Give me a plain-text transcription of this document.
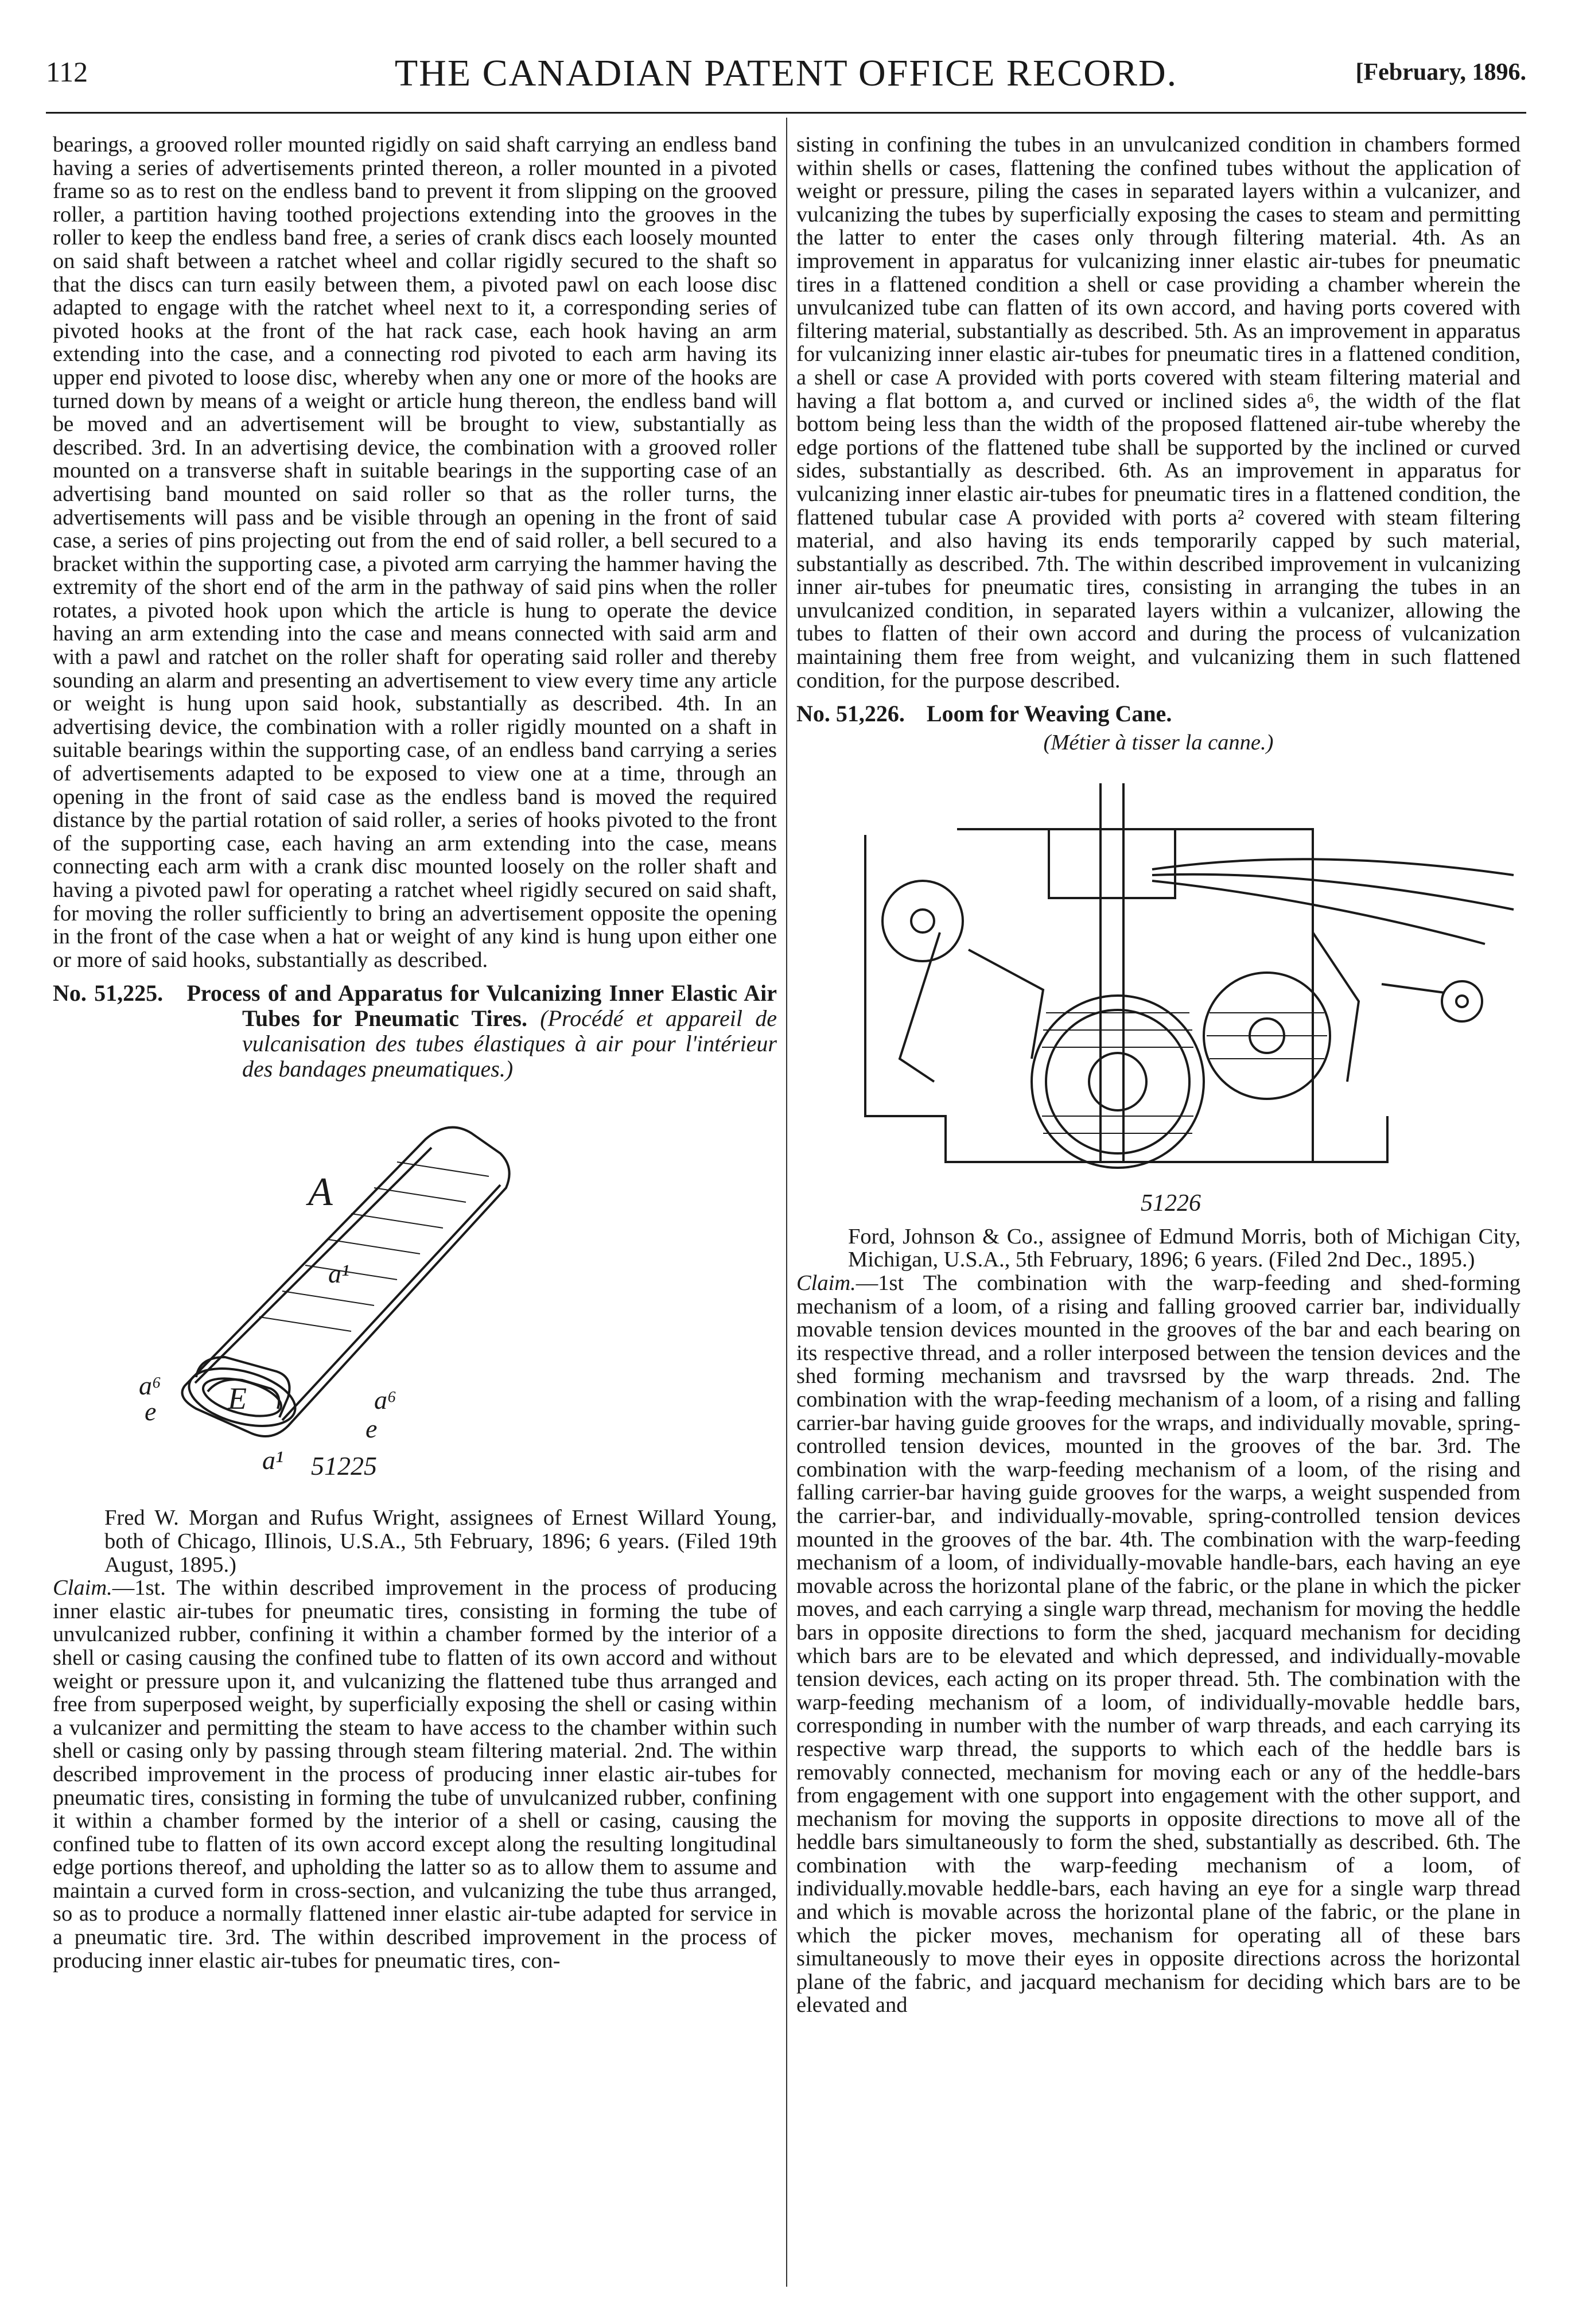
112	THE CANADIAN PATENT OFFICE RECORD.	[February, 1896.

bearings, a grooved roller mounted rigidly on said shaft carrying an endless band having a series of advertisements printed thereon, a roller mounted in a pivoted frame so as to rest on the endless band to prevent it from slipping on the grooved roller, a partition having toothed projections extending into the grooves in the roller to keep the endless band free, a series of crank discs each loosely mounted on said shaft between a ratchet wheel and collar rigidly secured to the shaft so that the discs can turn easily between them, a pivoted pawl on each loose disc adapted to engage with the ratchet wheel next to it, a corresponding series of pivoted hooks at the front of the hat rack case, each hook having an arm extending into the case, and a connecting rod pivoted to each arm having its upper end pivoted to loose disc, whereby when any one or more of the hooks are turned down by means of a weight or article hung thereon, the endless band will be moved and an advertisement will be brought to view, substantially as described. 3rd. In an advertising device, the combination with a grooved roller mounted on a transverse shaft in suitable bearings in the supporting case of an advertising band mounted on said roller so that as the roller turns, the advertisements will pass and be visible through an opening in the front of said case, a series of pins projecting out from the end of said roller, a bell secured to a bracket within the supporting case, a pivoted arm carrying the hammer having the extremity of the short end of the arm in the pathway of said pins when the roller rotates, a pivoted hook upon which the article is hung to operate the device having an arm extending into the case and means connected with said arm and with a pawl and ratchet on the roller shaft for operating said roller and thereby sounding an alarm and presenting an advertisement to view every time any article or weight is hung upon said hook, substantially as described. 4th. In an advertising device, the combination with a roller rigidly mounted on a shaft in suitable bearings within the supporting case, of an endless band carrying a series of advertisements adapted to be exposed to view one at a time, through an opening in the front of said case as the endless band is moved the required distance by the partial rotation of said roller, a series of hooks pivoted to the front of the supporting case, each having an arm extending into the case, means connecting each arm with a crank disc mounted loosely on the roller shaft and having a pivoted pawl for operating a ratchet wheel rigidly secured on said shaft, for moving the roller sufficiently to bring an advertisement opposite the opening in the front of the case when a hat or weight of any kind is hung upon either one or more of said hooks, substantially as described.

No. 51,225. Process of and Apparatus for Vulcanizing Inner Elastic Air Tubes for Pneumatic Tires. (Procédé et appareil de vulcanisation des tubes élastiques à air pour l'intérieur des bandages pneumatiques.)
A
a¹
a⁶ E	a⁶
e
e
a¹ 51225

Fred W. Morgan and Rufus Wright, assignees of Ernest Willard Young, both of Chicago, Illinois, U.S.A., 5th February, 1896; 6 years. (Filed 19th August, 1895.)

Claim.—1st. The within described improvement in the process of producing inner elastic air-tubes for pneumatic tires, consisting in forming the tube of unvulcanized rubber, confining it within a chamber formed by the interior of a shell or casing causing the confined tube to flatten of its own accord and without weight or pressure upon it, and vulcanizing the flattened tube thus arranged and free from superposed weight, by superficially exposing the shell or casing within a vulcanizer and permitting the steam to have access to the chamber within such shell or casing only by passing through steam filtering material. 2nd. The within described improvement in the process of producing inner elastic air-tubes for pneumatic tires, consisting in forming the tube of unvulcanized rubber, confining it within a chamber formed by the interior of a shell or casing, causing the confined tube to flatten of its own accord except along the resulting longitudinal edge portions thereof, and upholding the latter so as to allow them to assume and maintain a curved form in cross-section, and vulcanizing the tube thus arranged, so as to produce a normally flattened inner elastic air-tube adapted for service in a pneumatic tire. 3rd. The within described improvement in the process of producing inner elastic air-tubes for pneumatic tires, con-

sisting in confining the tubes in an unvulcanized condition in chambers formed within shells or cases, flattening the confined tubes without the application of weight or pressure, piling the cases in separated layers within a vulcanizer, and vulcanizing the tubes by superficially exposing the cases to steam and permitting the latter to enter the cases only through filtering material. 4th. As an improvement in apparatus for vulcanizing inner elastic air-tubes for pneumatic tires in a flattened condition a shell or case providing a chamber wherein the unvulcanized tube can flatten of its own accord, and having ports covered with filtering material, substantially as described. 5th. As an improvement in apparatus for vulcanizing inner elastic air-tubes for pneumatic tires in a flattened condition, a shell or case A provided with ports covered with steam filtering material and having a flat bottom a, and curved or inclined sides a⁶, the width of the flat bottom being less than the width of the proposed flattened air-tube whereby the edge portions of the flattened tube shall be supported by the inclined or curved sides, substantially as described. 6th. As an improvement in apparatus for vulcanizing inner elastic air-tubes for pneumatic tires in a flattened condition, the flattened tubular case A provided with ports a² covered with steam filtering material, and also having its ends temporarily capped by such material, substantially as described. 7th. The within described improvement in vulcanizing inner air-tubes for pneumatic tires, consisting in arranging the tubes in an unvulcanized condition, in separated layers within a vulcanizer, allowing the tubes to flatten of their own accord and during the process of vulcanization maintaining them free from weight, and vulcanizing them in such flattened condition, for the purpose described.

No. 51,226. Loom for Weaving Cane.

(Métier à tisser la canne.)

51226

Ford, Johnson & Co., assignee of Edmund Morris, both of Michigan City, Michigan, U.S.A., 5th February, 1896; 6 years. (Filed 2nd Dec., 1895.)

Claim.—1st The combination with the warp-feeding and shed-forming mechanism of a loom, of a rising and falling grooved carrier bar, individually movable tension devices mounted in the grooves of the bar and each bearing on its respective thread, and a roller interposed between the tension devices and the shed forming mechanism and travsrsed by the warp threads. 2nd. The combination with the wrap-feeding mechanism of a loom, of a rising and falling carrier-bar having guide grooves for the wraps, and individually movable, spring-controlled tension devices, mounted in the grooves of the bar. 3rd. The combination with the warp-feeding mechanism of a loom, of the rising and falling carrier-bar having guide grooves for the warps, a weight suspended from the carrier-bar, and individually-movable, spring-controlled tension devices mounted in the grooves of the bar. 4th. The combination with the warp-feeding mechanism of a loom, of individually-movable handle-bars, each having an eye movable across the horizontal plane of the fabric, or the plane in which the picker moves, and each carrying a single warp thread, mechanism for moving the heddle bars in opposite directions to form the shed, jacquard mechanism for deciding which bars are to be elevated and which depressed, and individually-movable tension devices, each acting on its proper thread. 5th. The combination with the warp-feeding mechanism of a loom, of individually-movable heddle bars, corresponding in number with the number of warp threads, and each carrying its respective warp thread, the supports to which each of the heddle bars is removably connected, mechanism for moving each or any of the heddle-bars from engagement with one support into engagement with the other support, and mechanism for moving the supports in opposite directions to move all of the heddle bars simultaneously to form the shed, substantially as described. 6th. The combination with the warp-feeding mechanism of a loom, of individually.movable heddle-bars, each having an eye for a single warp thread and which is movable across the horizontal plane of the fabric, or the plane in which the picker moves, mechanism for operating all of these bars simultaneously to move their eyes in opposite directions across the horizontal plane of the fabric, and jacquard mechanism for deciding which bars are to be elevated and
